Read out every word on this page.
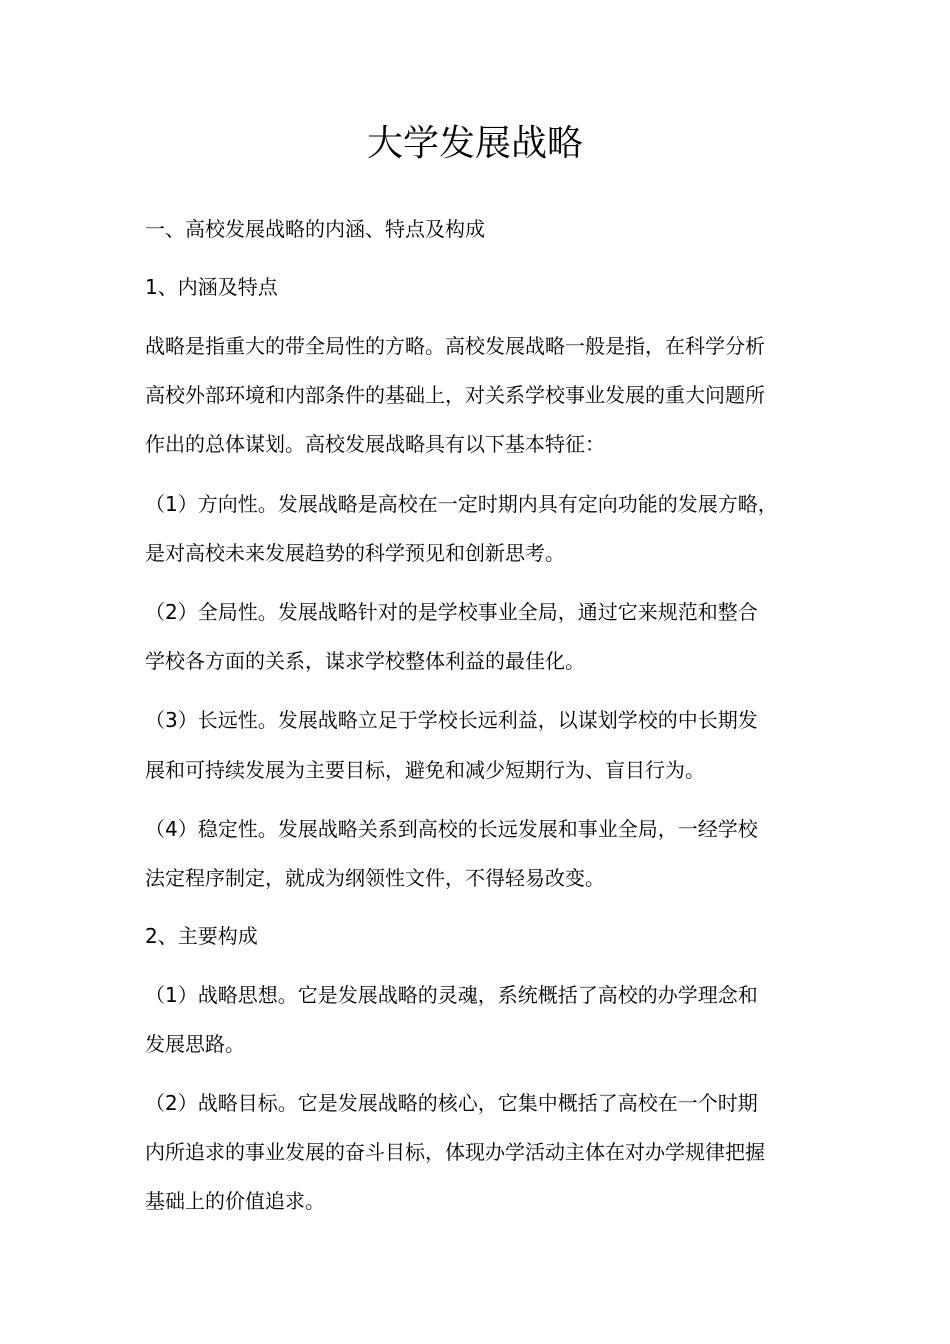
大学发展战略

一、高校发展战略的内涵、特点及构成

1、内涵及特点

战略是指重大的带全局性的方略。高校发展战略一般是指，在科学分析

高校外部环境和内部条件的基础上，对关系学校事业发展的重大问题所

作出的总体谋划。高校发展战略具有以下基本特征：

（1）方向性。发展战略是高校在一定时期内具有定向功能的发展方略，

是对高校未来发展趋势的科学预见和创新思考。

（2）全局性。发展战略针对的是学校事业全局，通过它来规范和整合

学校各方面的关系，谋求学校整体利益的最佳化。

（3）长远性。发展战略立足于学校长远利益，以谋划学校的中长期发

展和可持续发展为主要目标，避免和减少短期行为、盲目行为。

（4）稳定性。发展战略关系到高校的长远发展和事业全局，一经学校

法定程序制定，就成为纲领性文件，不得轻易改变。

2、主要构成

（1）战略思想。它是发展战略的灵魂，系统概括了高校的办学理念和

发展思路。

（2）战略目标。它是发展战略的核心，它集中概括了高校在一个时期

内所追求的事业发展的奋斗目标，体现办学活动主体在对办学规律把握

基础上的价值追求。
